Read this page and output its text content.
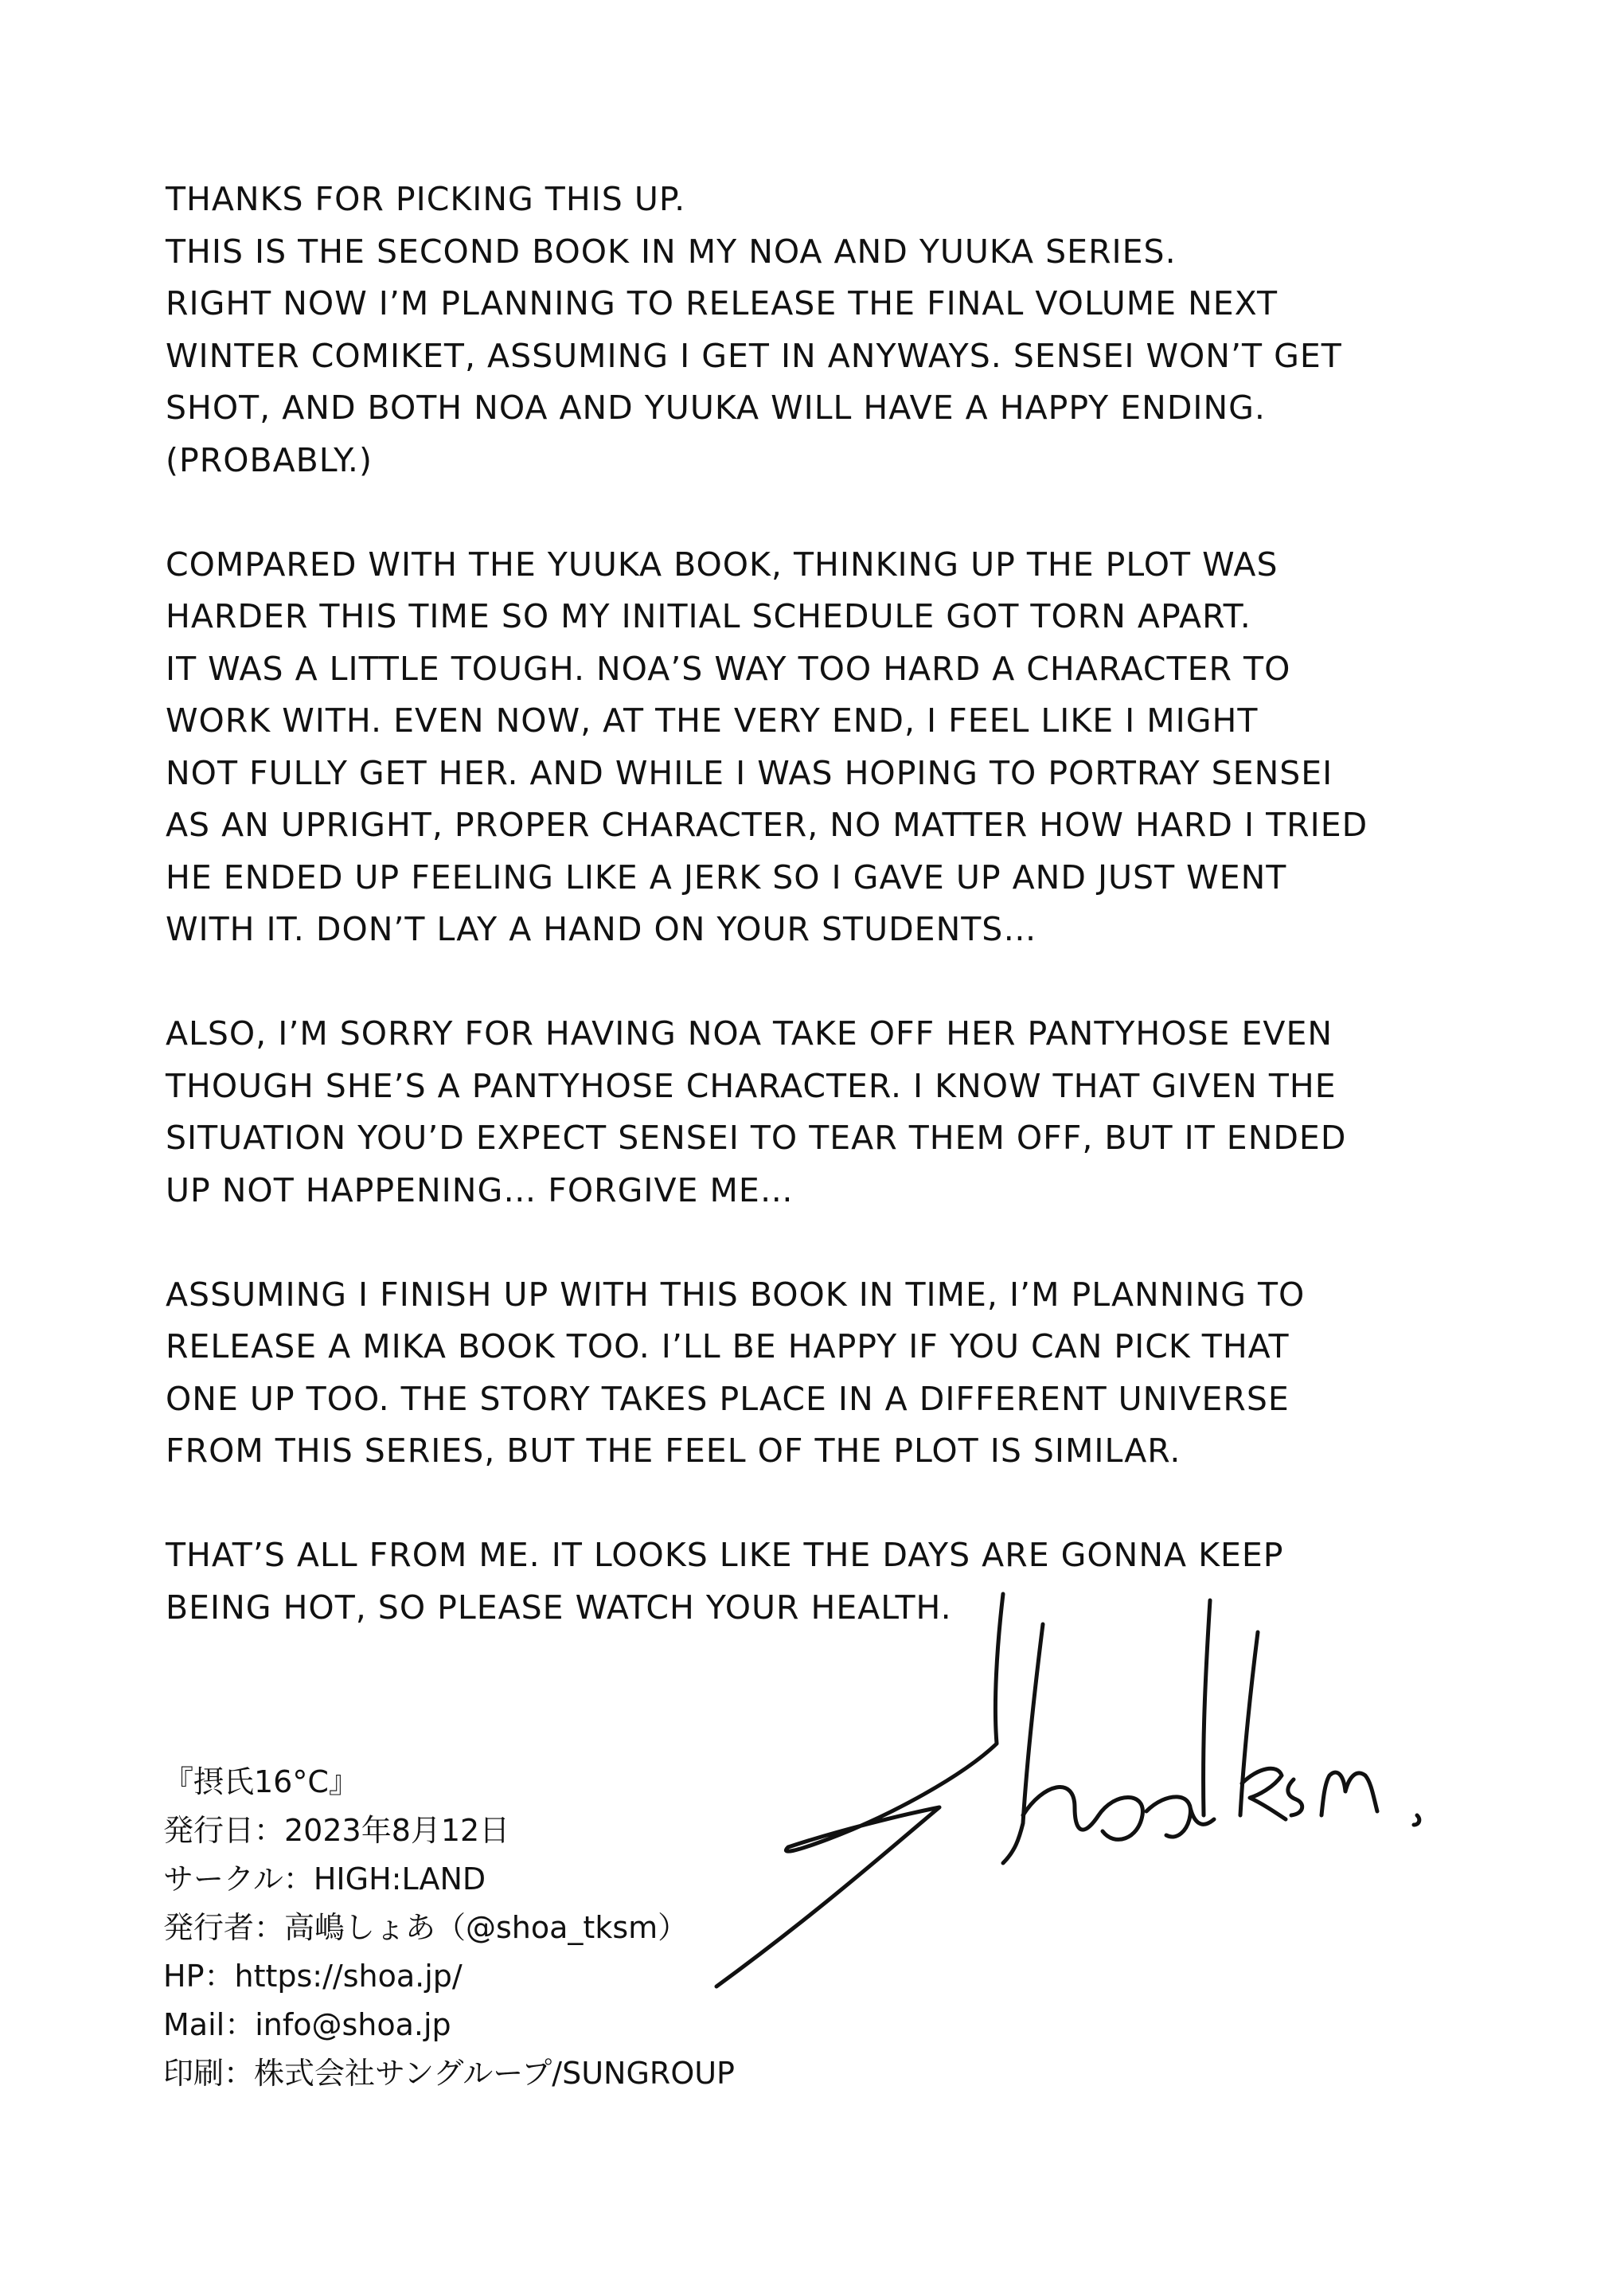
THANKS FOR PICKING THIS UP.
THIS IS THE SECOND BOOK IN MY NOA AND YUUKA SERIES.
RIGHT NOW I’M PLANNING TO RELEASE THE FINAL VOLUME NEXT
WINTER COMIKET, ASSUMING I GET IN ANYWAYS. SENSEI WON’T GET
SHOT, AND BOTH NOA AND YUUKA WILL HAVE A HAPPY ENDING.
(PROBABLY.)

COMPARED WITH THE YUUKA BOOK, THINKING UP THE PLOT WAS
HARDER THIS TIME SO MY INITIAL SCHEDULE GOT TORN APART.
IT WAS A LITTLE TOUGH. NOA’S WAY TOO HARD A CHARACTER TO
WORK WITH. EVEN NOW, AT THE VERY END, I FEEL LIKE I MIGHT
NOT FULLY GET HER. AND WHILE I WAS HOPING TO PORTRAY SENSEI
AS AN UPRIGHT, PROPER CHARACTER, NO MATTER HOW HARD I TRIED
HE ENDED UP FEELING LIKE A JERK SO I GAVE UP AND JUST WENT
WITH IT. DON’T LAY A HAND ON YOUR STUDENTS…

ALSO, I’M SORRY FOR HAVING NOA TAKE OFF HER PANTYHOSE EVEN
THOUGH SHE’S A PANTYHOSE CHARACTER. I KNOW THAT GIVEN THE
SITUATION YOU’D EXPECT SENSEI TO TEAR THEM OFF, BUT IT ENDED
UP NOT HAPPENING… FORGIVE ME…

ASSUMING I FINISH UP WITH THIS BOOK IN TIME, I’M PLANNING TO
RELEASE A MIKA BOOK TOO. I’LL BE HAPPY IF YOU CAN PICK THAT
ONE UP TOO. THE STORY TAKES PLACE IN A DIFFERENT UNIVERSE
FROM THIS SERIES, BUT THE FEEL OF THE PLOT IS SIMILAR.

THAT’S ALL FROM ME. IT LOOKS LIKE THE DAYS ARE GONNA KEEP
BEING HOT, SO PLEASE WATCH YOUR HEALTH.

『摂氏16°C』
発行日：2023年8月12日
サークル：HIGH:LAND
発行者：高嶋しょあ（@shoa_tksm）
HP：https://shoa.jp/
Mail：info@shoa.jp
印刷：株式会社サングループ/SUNGROUP
